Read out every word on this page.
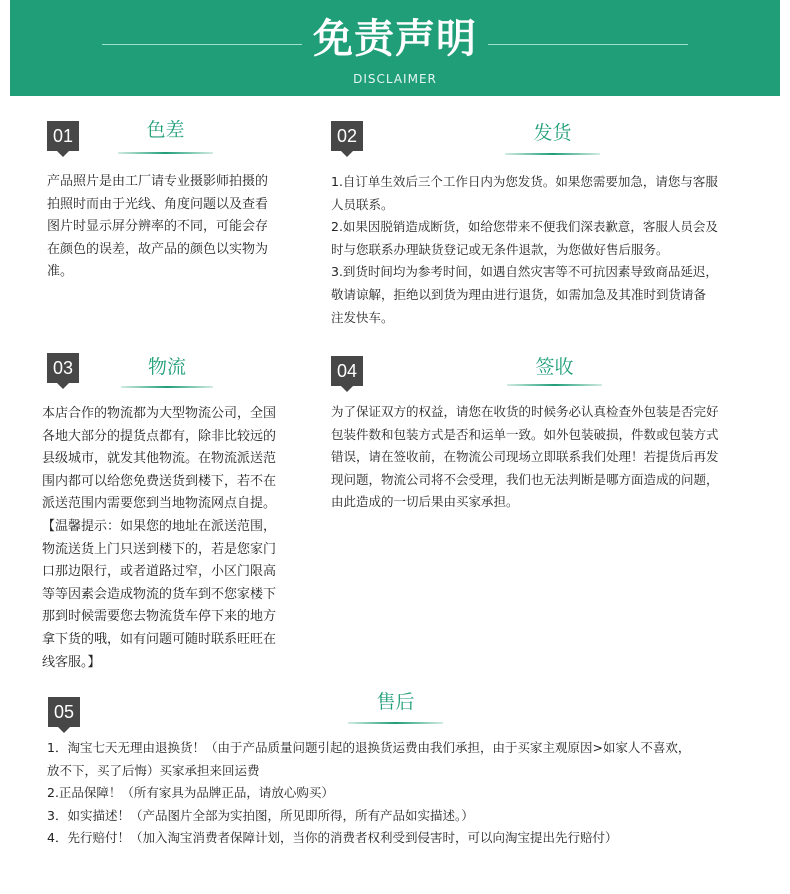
免责声明
DISCLAIMER
01	色差

产品照片是由工厂请专业摄影师拍摄的

拍照时而由于光线、角度问题以及查看

图片时显示屏分辨率的不同，可能会存

在颜色的误差，故产品的颜色以实物为

准。

02	发货

1.自订单生效后三个工作日内为您发货。如果您需要加急，请您与客服

人员联系。

2.如果因脱销造成断货，如给您带来不便我们深表歉意，客服人员会及

时与您联系办理缺货登记或无条件退款，为您做好售后服务。

3.到货时间均为参考时间，如遇自然灾害等不可抗因素导致商品延迟，

敬请谅解，拒绝以到货为理由进行退货，如需加急及其准时到货请备

注发快车。

03	物流

本店合作的物流都为大型物流公司，全国

各地大部分的提货点都有，除非比较远的

县级城市，就发其他物流。在物流派送范

围内都可以给您免费送货到楼下，若不在

派送范围内需要您到当地物流网点自提。

【温馨提示：如果您的地址在派送范围，

物流送货上门只送到楼下的，若是您家门

口那边限行，或者道路过窄，小区门限高

等等因素会造成物流的货车到不您家楼下

那到时候需要您去物流货车停下来的地方

拿下货的哦，如有问题可随时联系旺旺在

线客服。】

04	签收

为了保证双方的权益，请您在收货的时候务必认真检查外包装是否完好

包装件数和包装方式是否和运单一致。如外包装破损，件数或包装方式

错误，请在签收前，在物流公司现场立即联系我们处理！若提货后再发

现问题，物流公司将不会受理，我们也无法判断是哪方面造成的问题，

由此造成的一切后果由买家承担。

05	售后

1．淘宝七天无理由退换货！（由于产品质量问题引起的退换货运费由我们承担，由于买家主观原因>如家人不喜欢，

放不下，买了后悔）买家承担来回运费

2.正品保障！（所有家具为品牌正品，请放心购买）

3．如实描述！（产品图片全部为实拍图，所见即所得，所有产品如实描述。）

4．先行赔付！（加入淘宝消费者保障计划，当你的消费者权利受到侵害时，可以向淘宝提出先行赔付）
